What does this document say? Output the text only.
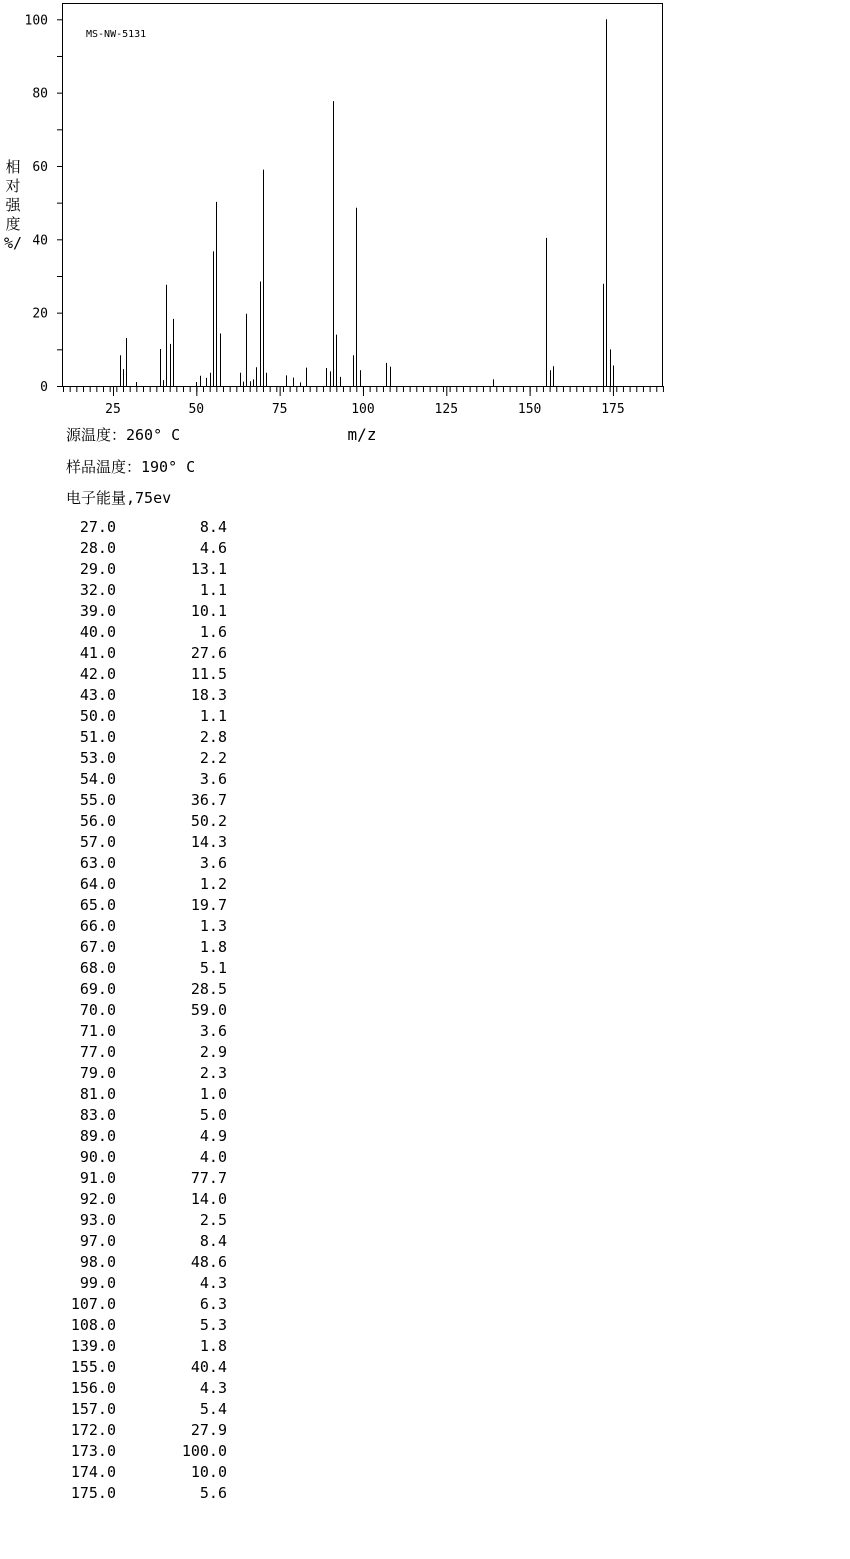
MS-NW-5131
相
对
强
度
%/
0
20
40
60
80
100
25	50	75	100	125	150	175
m/z
源温度：260° C
样品温度：190° C
电子能量,75ev
27.0	8.4
28.0	4.6
29.0	13.1
32.0	1.1
39.0	10.1
40.0	1.6
41.0	27.6
42.0	11.5
43.0	18.3
50.0	1.1
51.0	2.8
53.0	2.2
54.0	3.6
55.0	36.7
56.0	50.2
57.0	14.3
63.0	3.6
64.0	1.2
65.0	19.7
66.0	1.3
67.0	1.8
68.0	5.1
69.0	28.5
70.0	59.0
71.0	3.6
77.0	2.9
79.0	2.3
81.0	1.0
83.0	5.0
89.0	4.9
90.0	4.0
91.0	77.7
92.0	14.0
93.0	2.5
97.0	8.4
98.0	48.6
99.0	4.3
107.0	6.3
108.0	5.3
139.0	1.8
155.0	40.4
156.0	4.3
157.0	5.4
172.0	27.9
173.0	100.0
174.0	10.0
175.0	5.6
